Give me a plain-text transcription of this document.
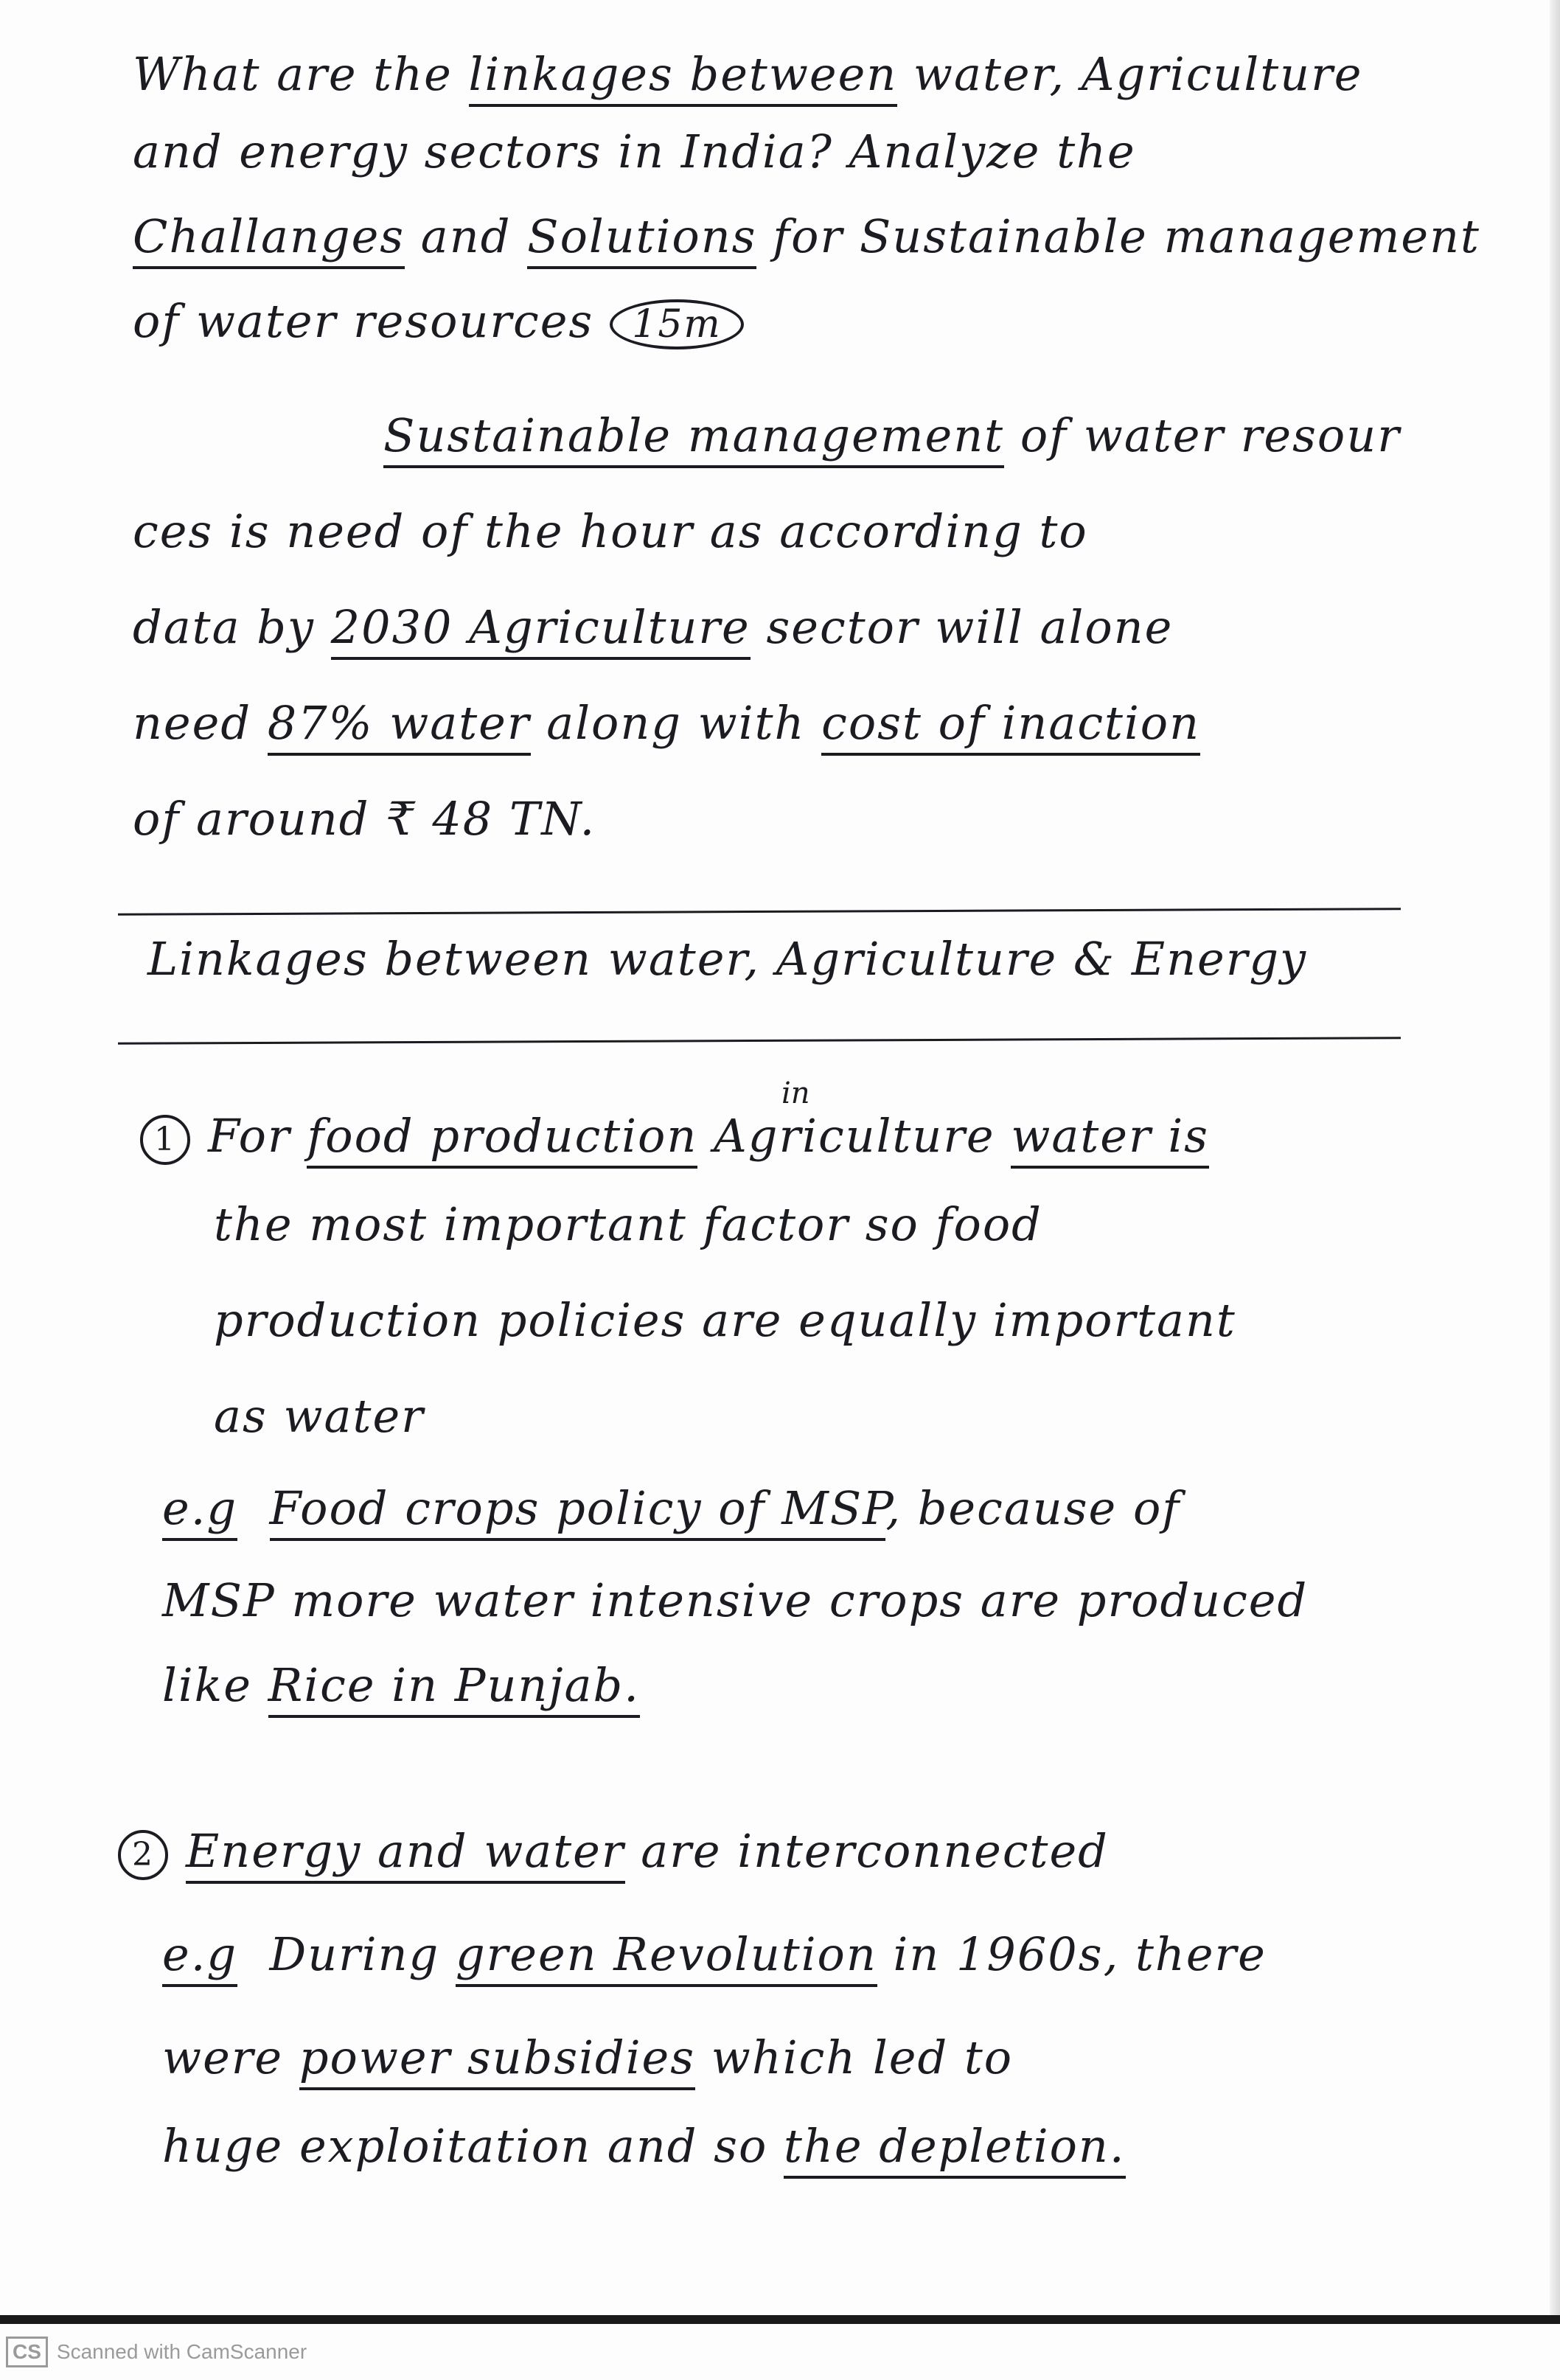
What are the linkages between water, Agriculture
and energy sectors in India? Analyze the
Challanges and Solutions for Sustainable management
of water resources 15m
Sustainable management of water resour
ces is need of the hour as according to
data by 2030 Agriculture sector will alone
need 87% water along with cost of inaction
of around ₹ 48 TN.
Linkages between water, Agriculture & Energy
in
1 For food production Agriculture water is
the most important factor so food
production policies are equally important
as water
e.g Food crops policy of MSP, because of
MSP more water intensive crops are produced
like Rice in Punjab.
2 Energy and water are interconnected
e.g During green Revolution in 1960s, there
were power subsidies which led to
huge exploitation and so the depletion.
CS Scanned with CamScanner
